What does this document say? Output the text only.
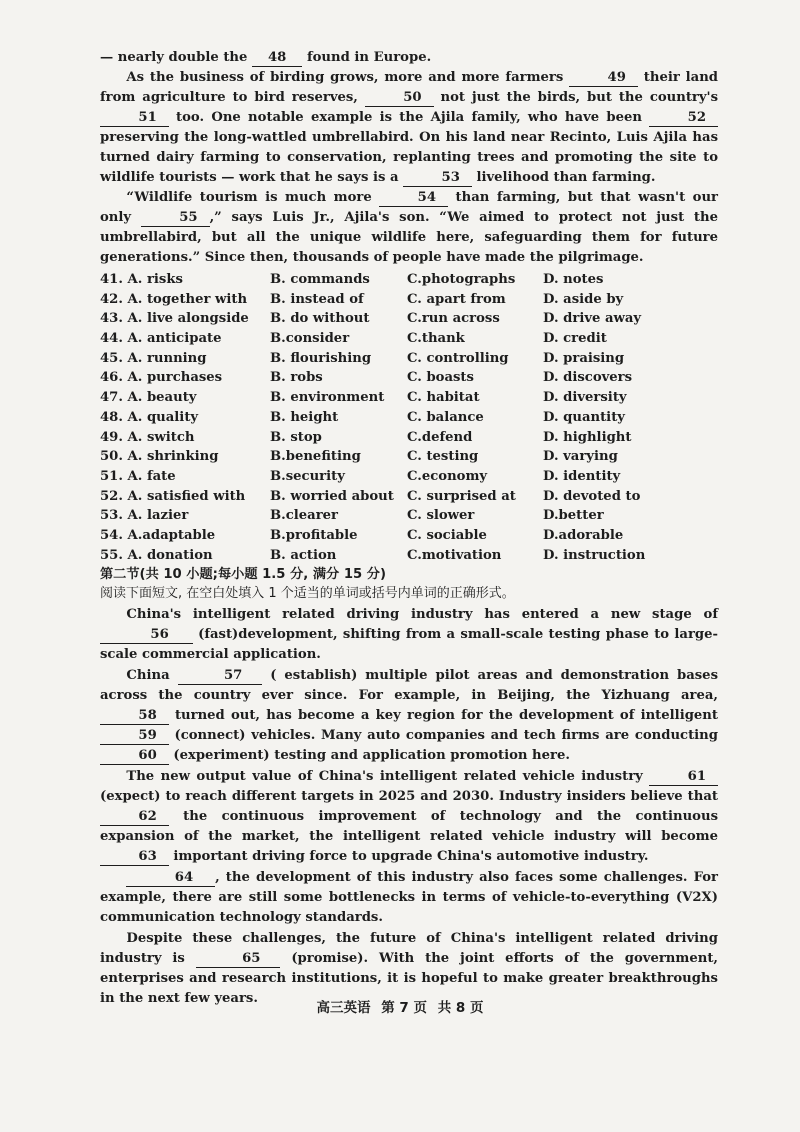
— nearly double the 48 found in Europe.

As the business of birding grows, more and more farmers	49 their land from agriculture to bird reserves,	50 not just the birds, but the country's 51 too. One notable example is the Ajila family, who have been	52 preserving the long-wattled umbrellabird. On his land near Recinto, Luis Ajila has turned dairy farming to conservation, replanting trees and promoting the site to wildlife tourists — work that he says is a	53 livelihood than farming.

“Wildlife tourism is much more	54 than farming, but that wasn't our only	55 ,” says Luis Jr., Ajila's son. “We aimed to protect not just the umbrellabird, but all the unique wildlife here, safeguarding them for future generations.” Since then, thousands of people have made the pilgrimage.

41. A. risks	B. commands	C.photographs	D. notes
42. A. together with	B. instead of	C. apart from	D. aside by
43. A. live alongside	B. do without	C.run across	D. drive away
44. A. anticipate	B.consider	C.thank	D. credit
45. A. running	B. flourishing	C. controlling	D. praising
46. A. purchases	B. robs	C. boasts	D. discovers
47. A. beauty	B. environment	C. habitat	D. diversity
48. A. quality	B. height	C. balance	D. quantity
49. A. switch	B. stop	C.defend	D. highlight
50. A. shrinking	B.benefiting	C. testing	D. varying
51. A. fate	B.security	C.economy	D. identity
52. A. satisfied with	B. worried about C. surprised at	D. devoted to
53. A. lazier	B.clearer	C. slower	D.better
54. A.adaptable	B.profitable	C. sociable	D.adorable
55. A. donation	B. action	C.motivation	D. instruction
第二节(共 10 小题;每小题 1.5 分, 满分 15 分)
阅读下面短文, 在空白处填入 1 个适当的单词或括号内单词的正确形式。

China's intelligent related driving industry has entered a new stage of 56 (fast)development, shifting from a small-scale testing phase to large-scale commercial application.

China	57 ( establish) multiple pilot areas and demonstration bases across the country ever since. For example, in Beijing, the Yizhuang area, 58 turned out, has become a key region for the development of intelligent 59 (connect) vehicles. Many auto companies and tech firms are conducting 60 (experiment) testing and application promotion here.

The new output value of China's intelligent related vehicle industry	61 (expect) to reach different targets in 2025 and 2030. Industry insiders believe that 62 the continuous improvement of technology and the continuous expansion of the market, the intelligent related vehicle industry will become 63 important driving force to upgrade China's automotive industry.

64 , the development of this industry also faces some challenges. For example, there are still some bottlenecks in terms of vehicle-to-everything (V2X) communication technology standards.

Despite these challenges, the future of China's intelligent related driving industry is	65 (promise). With the joint efforts of the government, enterprises and research institutions, it is hopeful to make greater breakthroughs in the next few years.

高三英语 第 7 页 共 8 页
